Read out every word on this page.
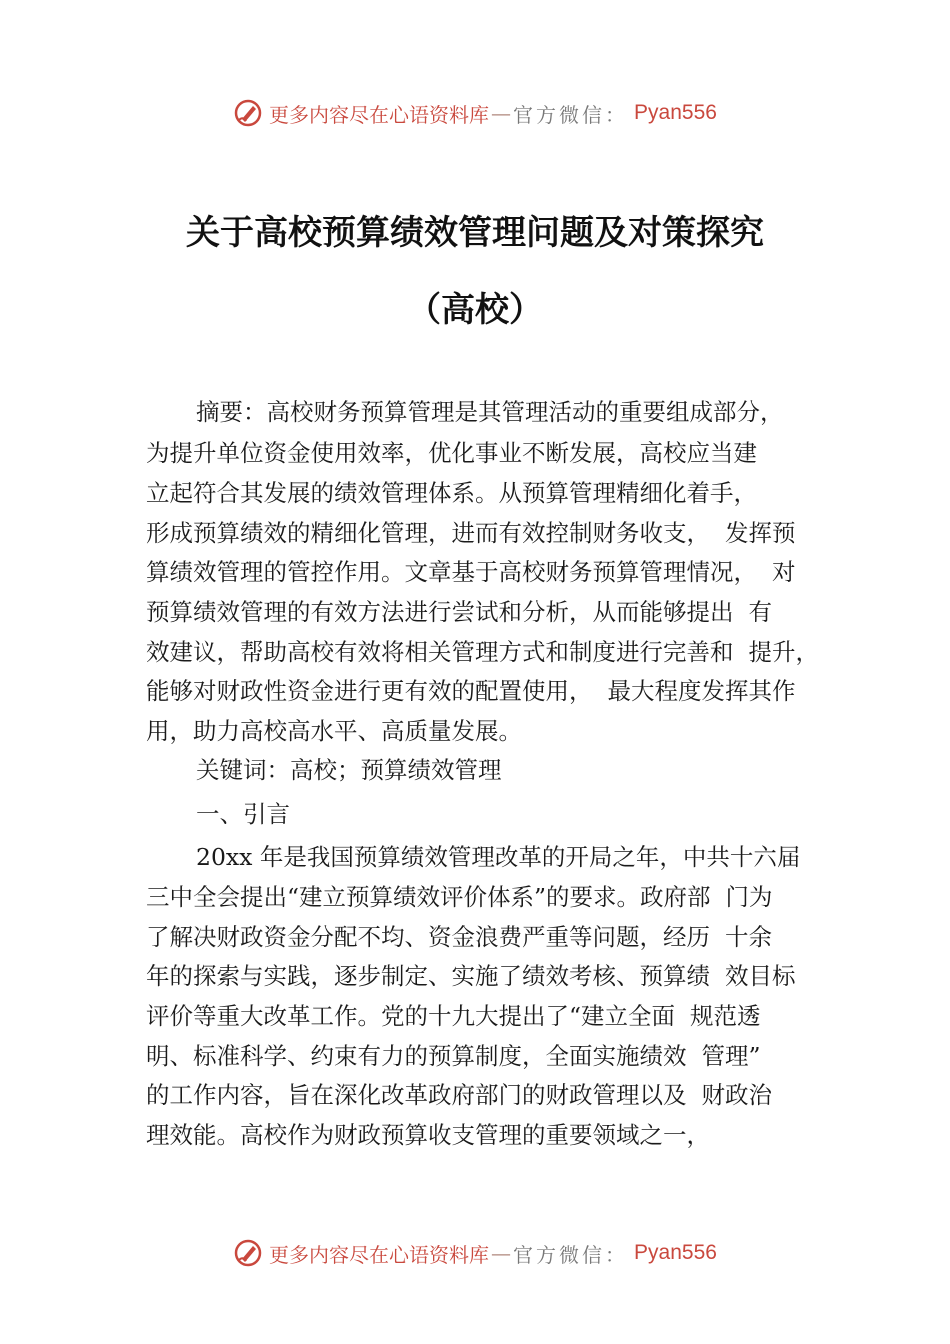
更多内容尽在心语资料库 — 官方微信： Pyan556
关于高校预算绩效管理问题及对策探究
（高校）
摘要：高校财务预算管理是其管理活动的重要组成部分，
为提升单位资金使用效率，优化事业不断发展，高校应当建
立起符合其发展的绩效管理体系。从预算管理精细化着手，
形成预算绩效的精细化管理，进而有效控制财务收支，  发挥预
算绩效管理的管控作用。文章基于高校财务预算管理情况，  对
预算绩效管理的有效方法进行尝试和分析，从而能够提出  有
效建议，帮助高校有效将相关管理方式和制度进行完善和  提升，
能够对财政性资金进行更有效的配置使用，  最大程度发挥其作
用，助力高校高水平、高质量发展。
关键词：高校；预算绩效管理
一、引言
20xx 年是我国预算绩效管理改革的开局之年，中共十六届
三中全会提出“建立预算绩效评价体系”的要求。政府部  门为
了解决财政资金分配不均、资金浪费严重等问题，经历  十余
年的探索与实践，逐步制定、实施了绩效考核、预算绩  效目标
评价等重大改革工作。党的十九大提出了“建立全面  规范透
明、标准科学、约束有力的预算制度，全面实施绩效  管理”
的工作内容，旨在深化改革政府部门的财政管理以及  财政治
理效能。高校作为财政预算收支管理的重要领域之一，
更多内容尽在心语资料库 — 官方微信： Pyan556
